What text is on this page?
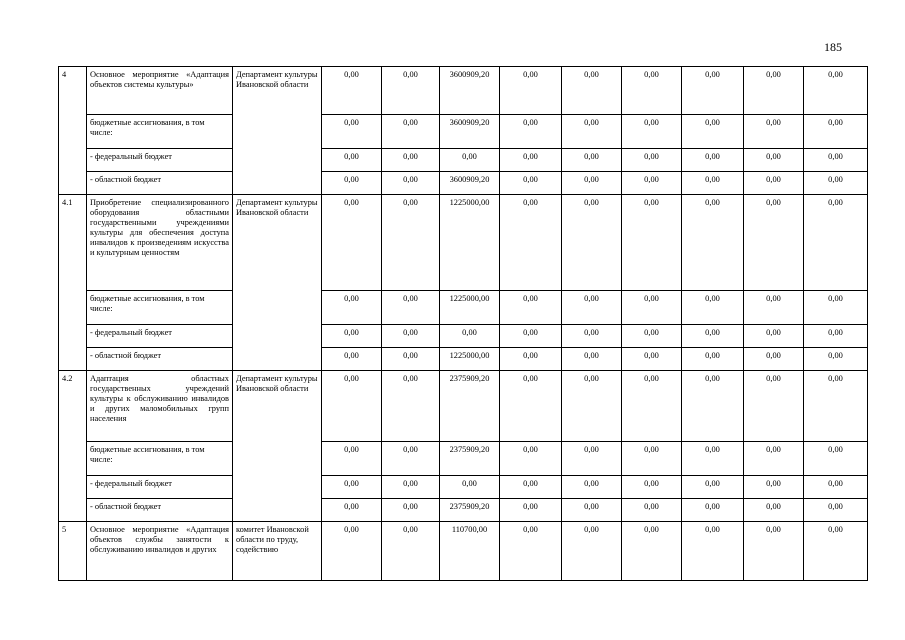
185
4	Основное мероприятие «Адаптация объектов системы культуры»	Департамент культуры Ивановской области	0,00	0,00	3600909,20	0,00	0,00	0,00	0,00	0,00	0,00
	бюджетные ассигнования, в том числе:		0,00	0,00	3600909,20	0,00	0,00	0,00	0,00	0,00	0,00
	- федеральный бюджет		0,00	0,00	0,00	0,00	0,00	0,00	0,00	0,00	0,00
	- областной бюджет		0,00	0,00	3600909,20	0,00	0,00	0,00	0,00	0,00	0,00
4.1	Приобретение специализированного оборудования областными государственными учреждениями культуры для обеспечения доступа инвалидов к произведениям искусства и культурным ценностям	Департамент культуры Ивановской области	0,00	0,00	1225000,00	0,00	0,00	0,00	0,00	0,00	0,00
	бюджетные ассигнования, в том числе:		0,00	0,00	1225000,00	0,00	0,00	0,00	0,00	0,00	0,00
	- федеральный бюджет		0,00	0,00	0,00	0,00	0,00	0,00	0,00	0,00	0,00
	- областной бюджет		0,00	0,00	1225000,00	0,00	0,00	0,00	0,00	0,00	0,00
4.2	Адаптация областных государственных учреждений культуры к обслуживанию инвалидов и других маломобильных групп населения	Департамент культуры Ивановской области	0,00	0,00	2375909,20	0,00	0,00	0,00	0,00	0,00	0,00
	бюджетные ассигнования, в том числе:		0,00	0,00	2375909,20	0,00	0,00	0,00	0,00	0,00	0,00
	- федеральный бюджет		0,00	0,00	0,00	0,00	0,00	0,00	0,00	0,00	0,00
	- областной бюджет		0,00	0,00	2375909,20	0,00	0,00	0,00	0,00	0,00	0,00
5	Основное мероприятие «Адаптация объектов службы занятости к обслуживанию инвалидов и других	комитет Ивановской области по труду, содействию	0,00	0,00	110700,00	0,00	0,00	0,00	0,00	0,00	0,00
